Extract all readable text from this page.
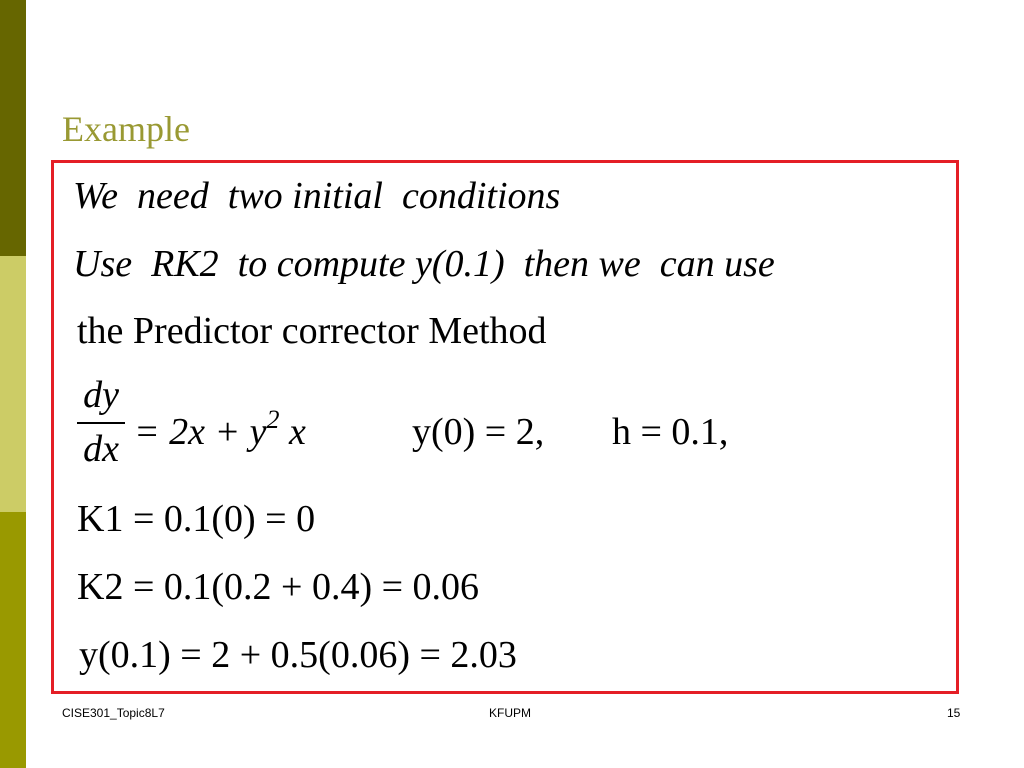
Example
We  need  two initial  conditions
Use  RK2  to compute y(0.1)  then we  can use
the Predictor corrector Method
dy
dx = $2x + y^2$ x	y(0) = 2, h = 0.1,
K1 = 0.1(0) = 0
K2 = 0.1(0.2 + 0.4) = 0.06
y(0.1) = 2 + 0.5(0.06) = 2.03
CISE301_Topic8L7	KFUPM	15
